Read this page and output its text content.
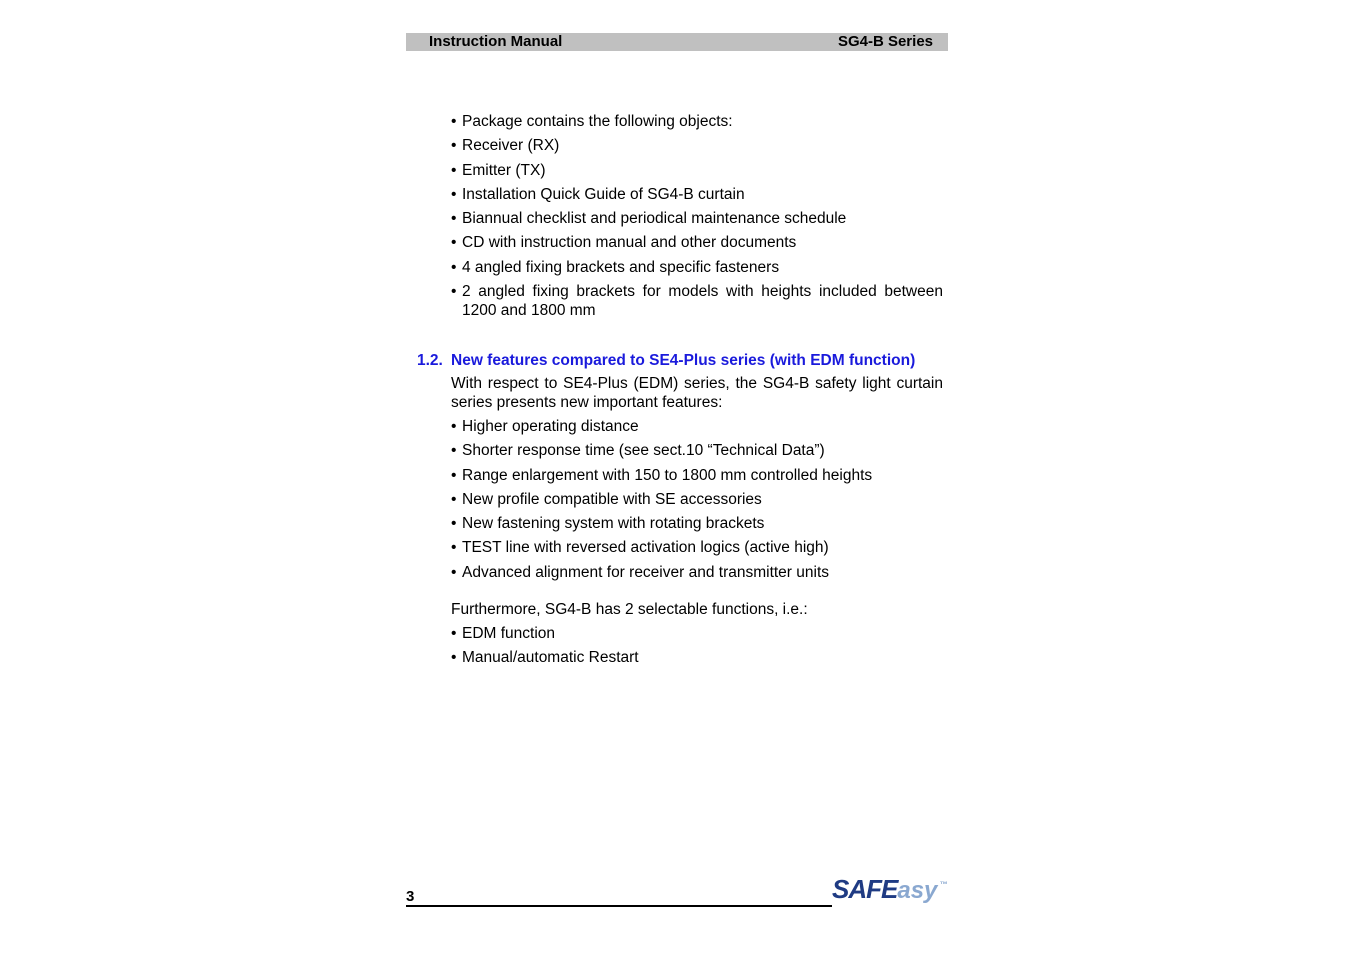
Instruction Manual	SG4-B Series
• Package contains the following objects:
• Receiver (RX)
• Emitter (TX)
• Installation Quick Guide of SG4-B curtain
• Biannual checklist and periodical maintenance schedule
• CD with instruction manual and other documents
• 4 angled fixing brackets and specific fasteners
• 2 angled fixing brackets for models with heights included between 1200 and 1800 mm
1.2. New features compared to SE4-Plus series (with EDM function)

With respect to SE4-Plus (EDM) series, the SG4-B safety light curtain series presents new important features:

• Higher operating distance
• Shorter response time (see sect.10 “Technical Data”)
• Range enlargement with 150 to 1800 mm controlled heights
• New profile compatible with SE accessories
• New fastening system with rotating brackets
• TEST line with reversed activation logics (active high)
• Advanced alignment for receiver and transmitter units

Furthermore, SG4-B has 2 selectable functions, i.e.:

• EDM function
• Manual/automatic Restart
3	SAFEasy ™
